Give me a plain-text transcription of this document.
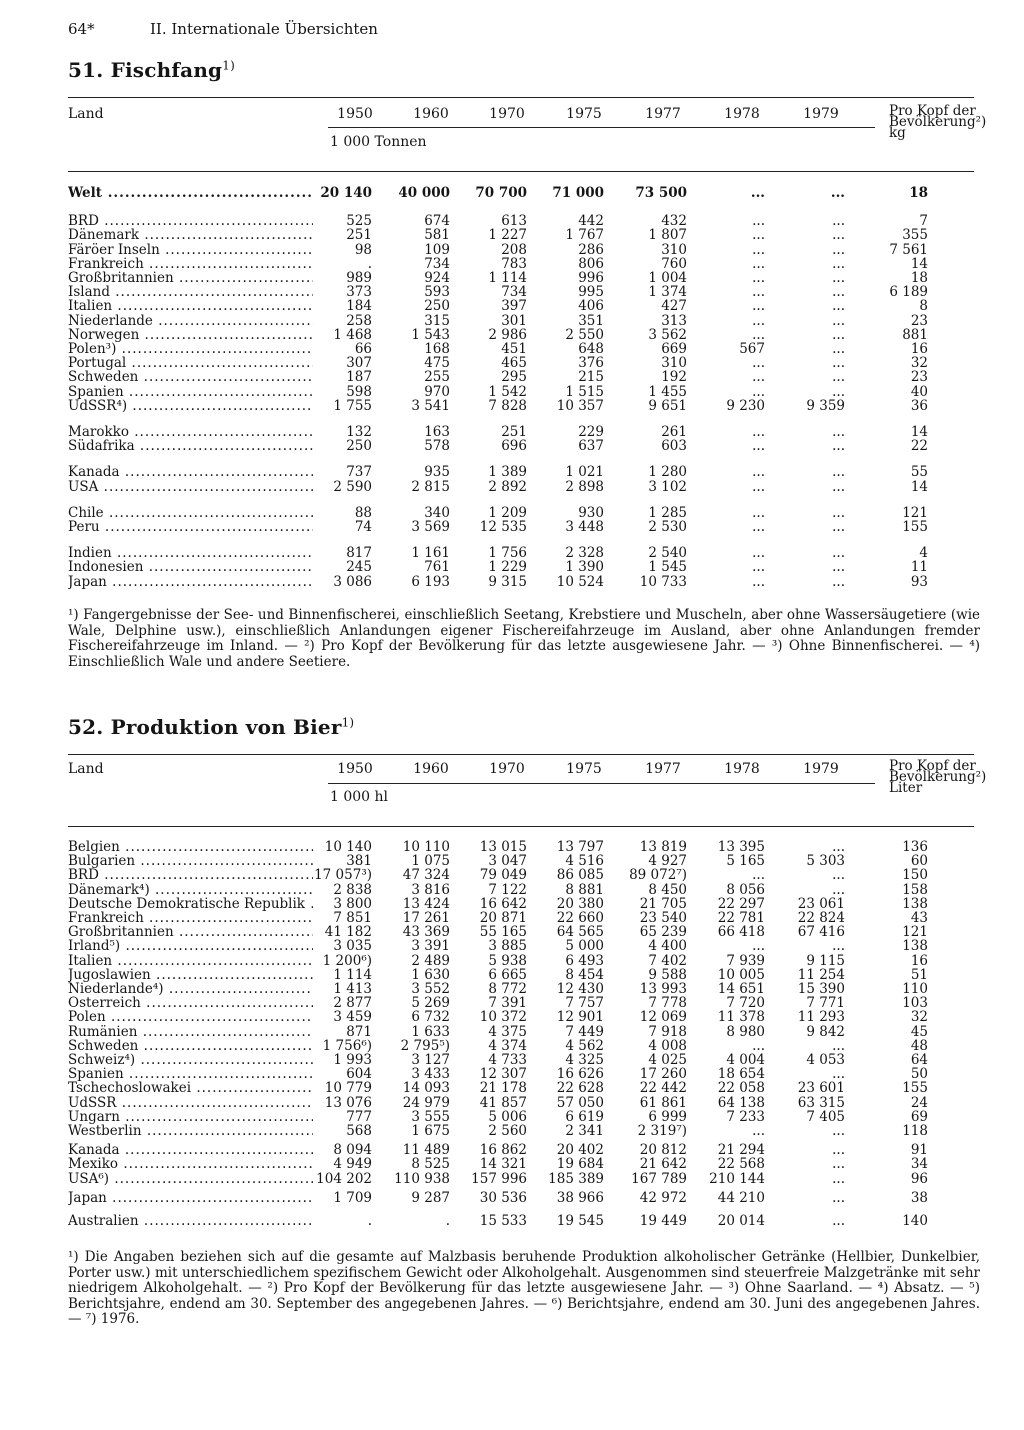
64*	II. Internationale Übersichten
51. Fischfang$^{1)}$
Land	1950	1960	1970	1975	1977	1978	1979
1 000 Tonnen
Pro Kopf der Bevölkerung²) kg
Welt .....	20 140	40 000	70 700	71 000	73 500	...	...	18
BRD .....	525	674	613	442	432	...	...	7
Dänemark .....	251	581	1 227	1 767	1 807	...	...	355
Färöer Inseln .....	98	109	208	286	310	...	...	7 561
Frankreich .....	.	734	783	806	760	...	...	14
Großbritannien .....	989	924	1 114	996	1 004	...	...	18
Island .....	373	593	734	995	1 374	...	...	6 189
Italien .....	184	250	397	406	427	...	...	8
Niederlande .....	258	315	301	351	313	...	...	23
Norwegen .....	1 468	1 543	2 986	2 550	3 562	...	...	881
Polen³) .....	66	168	451	648	669	567	...	16
Portugal .....	307	475	465	376	310	...	...	32
Schweden .....	187	255	295	215	192	...	...	23
Spanien .....	598	970	1 542	1 515	1 455	...	...	40
UdSSR⁴) .....	1 755	3 541	7 828	10 357	9 651	9 230	9 359	36
Marokko .....	132	163	251	229	261	...	...	14
Südafrika .....	250	578	696	637	603	...	...	22
Kanada .....	737	935	1 389	1 021	1 280	...	...	55
USA .....	2 590	2 815	2 892	2 898	3 102	...	...	14
Chile .....	88	340	1 209	930	1 285	...	...	121
Peru .....	74	3 569	12 535	3 448	2 530	...	...	155
Indien .....	817	1 161	1 756	2 328	2 540	...	...	4
Indonesien .....	245	761	1 229	1 390	1 545	...	...	11
Japan .....	3 086	6 193	9 315	10 524	10 733	...	...	93
¹) Fangergebnisse der See- und Binnenfischerei, einschließlich Seetang, Krebstiere und Muscheln, aber ohne Wassersäugetiere (wie Wale, Delphine usw.), einschließlich Anlandungen eigener Fischereifahrzeuge im Ausland, aber ohne Anlandungen fremder Fischereifahrzeuge im Inland. — ²) Pro Kopf der Bevölkerung für das letzte ausgewiesene Jahr. — ³) Ohne Binnenfischerei. — ⁴) Einschließlich Wale und andere Seetiere.
52. Produktion von Bier$^{1)}$
Land	1950	1960	1970	1975	1977	1978	1979
1 000 hl
Pro Kopf der Bevölkerung²) Liter
Belgien .....	10 140	10 110	13 015	13 797	13 819	13 395	...	136
Bulgarien .....	381	1 075	3 047	4 516	4 927	5 165	5 303	60
BRD .....	17 057³)	47 324	79 049	86 085	89 072⁷)	...	...	150
Dänemark⁴) .....	2 838	3 816	7 122	8 881	8 450	8 056	...	158
Deutsche Demokratische Republik .....	3 800	13 424	16 642	20 380	21 705	22 297	23 061	138
Frankreich .....	7 851	17 261	20 871	22 660	23 540	22 781	22 824	43
Großbritannien .....	41 182	43 369	55 165	64 565	65 239	66 418	67 416	121
Irland⁵) .....	3 035	3 391	3 885	5 000	4 400	...	...	138
Italien .....	1 200⁶)	2 489	5 938	6 493	7 402	7 939	9 115	16
Jugoslawien .....	1 114	1 630	6 665	8 454	9 588	10 005	11 254	51
Niederlande⁴) .....	1 413	3 552	8 772	12 430	13 993	14 651	15 390	110
Österreich .....	2 877	5 269	7 391	7 757	7 778	7 720	7 771	103
Polen .....	3 459	6 732	10 372	12 901	12 069	11 378	11 293	32
Rumänien .....	871	1 633	4 375	7 449	7 918	8 980	9 842	45
Schweden .....	1 756⁶)	2 795⁵)	4 374	4 562	4 008	...	...	48
Schweiz⁴) .....	1 993	3 127	4 733	4 325	4 025	4 004	4 053	64
Spanien .....	604	3 433	12 307	16 626	17 260	18 654	...	50
Tschechoslowakei .....	10 779	14 093	21 178	22 628	22 442	22 058	23 601	155
UdSSR .....	13 076	24 979	41 857	57 050	61 861	64 138	63 315	24
Ungarn .....	777	3 555	5 006	6 619	6 999	7 233	7 405	69
Westberlin .....	568	1 675	2 560	2 341	2 319⁷)	...	...	118
Kanada .....	8 094	11 489	16 862	20 402	20 812	21 294	...	91
Mexiko .....	4 949	8 525	14 321	19 684	21 642	22 568	...	34
USA⁶) .....	104 202	110 938	157 996	185 389	167 789	210 144	...	96
Japan .....	1 709	9 287	30 536	38 966	42 972	44 210	...	38
Australien .....	.	.	15 533	19 545	19 449	20 014	...	140
¹) Die Angaben beziehen sich auf die gesamte auf Malzbasis beruhende Produktion alkoholischer Getränke (Hellbier, Dunkelbier, Porter usw.) mit unterschiedlichem spezifischem Gewicht oder Alkoholgehalt. Ausgenommen sind steuerfreie Malzgetränke mit sehr niedrigem Alkoholgehalt. — ²) Pro Kopf der Bevölkerung für das letzte ausgewiesene Jahr. — ³) Ohne Saarland. — ⁴) Absatz. — ⁵) Berichtsjahre, endend am 30. September des angegebenen Jahres. — ⁶) Berichtsjahre, endend am 30. Juni des angegebenen Jahres. — ⁷) 1976.
